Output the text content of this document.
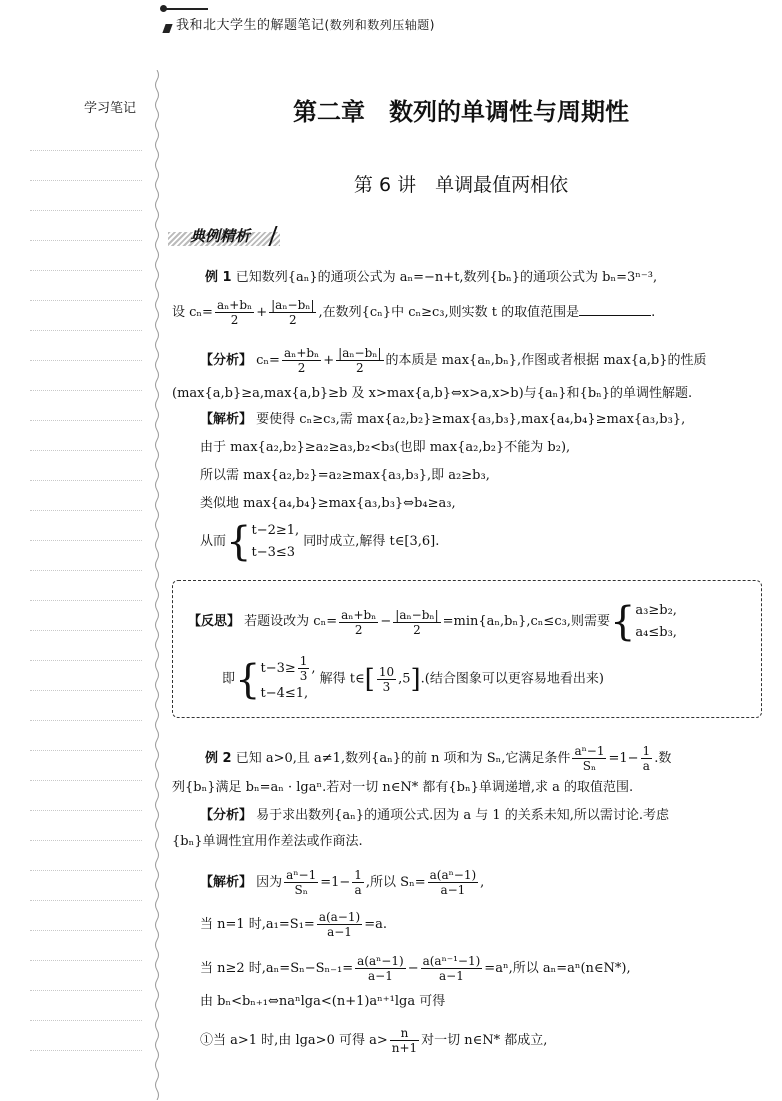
我和北大学生的解题笔记(数列和数列压轴题)
学习笔记	第二章　数列的单调性与周期性
第 6 讲　单调最值两相依
典例精析
例 1 已知数列{aₙ}的通项公式为 aₙ=−n+t,数列{bₙ}的通项公式为 bₙ=3ⁿ⁻³,
设 $c_n= \frac{\text{aₙ+bₙ}}{2} + \frac{\text{|aₙ−bₙ|}}{2}$ ,在数列{cₙ}中 cₙ≥c₃,则实数 t 的取值范围是	.
【分析】 $c_n= \frac{\text{aₙ+bₙ}}{2} + \frac{\text{|aₙ−bₙ|}}{2}$ 的本质是 max{aₙ,bₙ},作图或者根据 max{a,b}的性质
(max{a,b}≥a,max{a,b}≥b 及 x>max{a,b}⇔x>a,x>b)与{aₙ}和{bₙ}的单调性解题.
【解析】 要使得 cₙ≥c₃,需 max{a₂,b₂}≥max{a₃,b₃},max{a₄,b₄}≥max{a₃,b₃},
由于 max{a₂,b₂}≥a₂≥a₃,b₂<b₃(也即 max{a₂,b₂}不能为 b₂),
所以需 max{a₂,b₂}=a₂≥max{a₃,b₃},即 a₂≥b₃,
类似地 max{a₄,b₄}≥max{a₃,b₃}⇔b₄≥a₃,
从而{ t−2≥1,
t−3≤3
同时成立,解得 t∈[3,6].
【反思】 若题设改为 $c_n= \frac{\text{aₙ+bₙ}}{2} - \frac{\text{|aₙ−bₙ|}}{2} =\min\{a_n,b_n\},c_n\le c_3$,则需要{ a₃≥b₂,
a₄≤b₃,
即{ $t-3\ge \frac{1}{3}$ ,
t−4≤1,
解得 t∈[ $\frac{10}{3} ,5$].(结合图象可以更容易地看出来)
例 2 已知 a>0,且 a≠1,数列{aₙ}的前 n 项和为 Sₙ,它满足条件 $\frac{\text{aⁿ−1}}{\text{Sₙ}} =1- \frac{1}{a}$ .数
列{bₙ}满足 bₙ=aₙ · lgaⁿ.若对一切 n∈N* 都有{bₙ}单调递增,求 a 的取值范围.
【分析】 易于求出数列{aₙ}的通项公式.因为 a 与 1 的关系未知,所以需讨论.考虑
{bₙ}单调性宜用作差法或作商法.
【解析】 因为 $\frac{\text{aⁿ−1}}{\text{Sₙ}} =1- \frac{1}{a}$ ,所以 $S_n= \frac{\text{a(aⁿ−1)}}{a-1}$ ,
当 n=1 时$,a_1=S_1= \frac{a(a-1)}{a-1} =a$.
当 n≥2 时$,a_n=S_n-S_{n-1}= \frac{\text{a(aⁿ−1)}}{a-1} - \frac{\text{a(aⁿ⁻¹−1)}}{a-1} =a^n$,所以 aₙ=aⁿ(n∈N*),
由 bₙ<bₙ₊₁⇔naⁿlga<(n+1)aⁿ⁺¹lga 可得
①当 a>1 时,由 lga>0 可得 $a> \frac{n}{n+1}$ 对一切 n∈N* 都成立,
